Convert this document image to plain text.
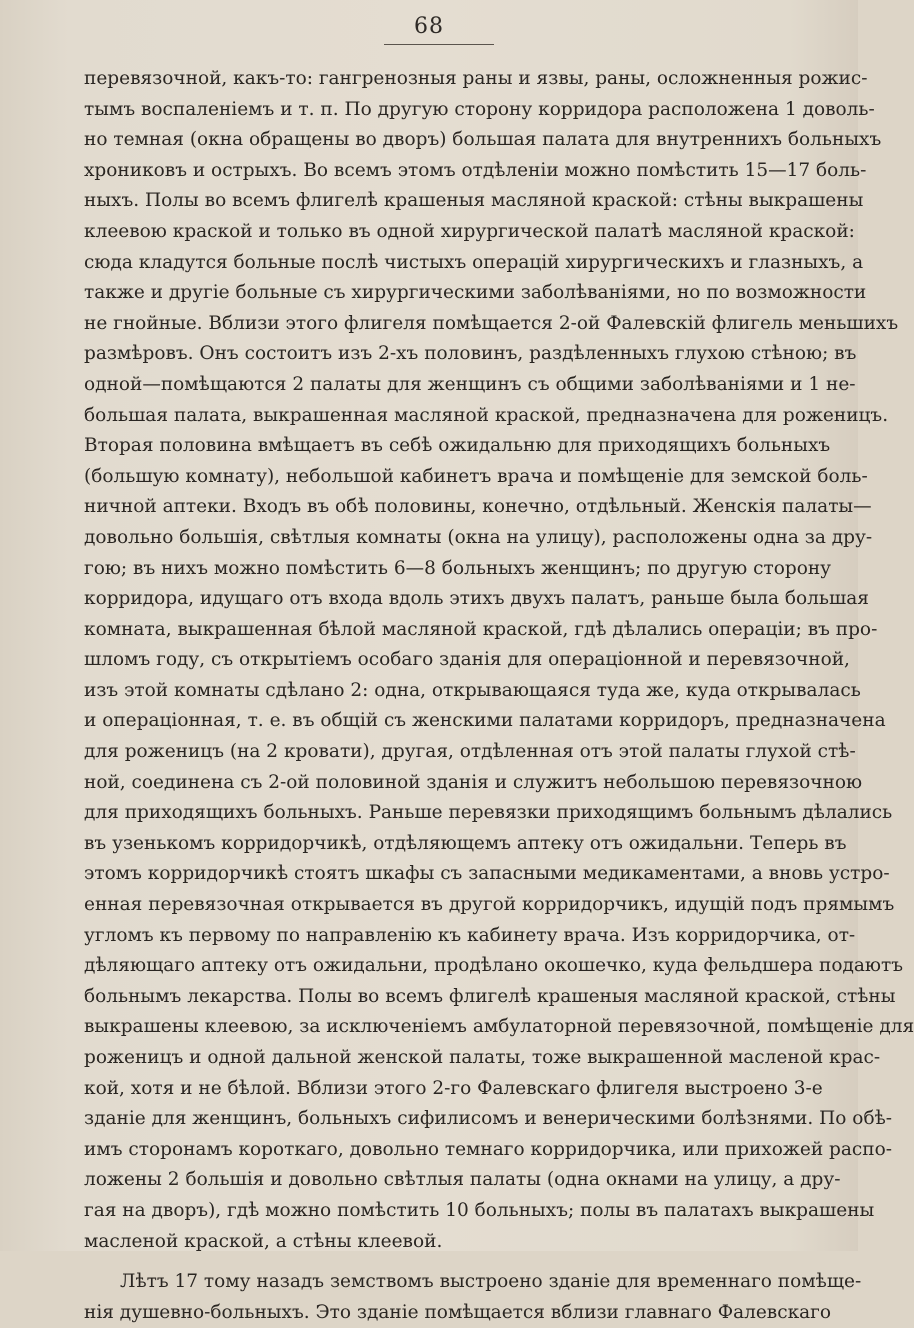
68
перевязочной, какъ-то: гангренозныя раны и язвы, раны, осложненныя рожис-
тымъ воспаленіемъ и т. п. По другую сторону корридора расположена 1 доволь-
но темная (окна обращены во дворъ) большая палата для внутреннихъ больныхъ
хрониковъ и острыхъ. Во всемъ этомъ отдѣленіи можно помѣстить 15—17 боль-
ныхъ. Полы во всемъ флигелѣ крашеныя масляной краской: стѣны выкрашены
клеевою краской и только въ одной хирургической палатѣ масляной краской:
сюда кладутся больные послѣ чистыхъ операцій хирургическихъ и глазныхъ, а
также и другіе больные съ хирургическими заболѣваніями, но по возможности
не гнойные. Вблизи этого флигеля помѣщается 2-ой Фалевскій флигель меньшихъ
размѣровъ. Онъ состоитъ изъ 2-хъ половинъ, раздѣленныхъ глухою стѣною; въ
одной—помѣщаются 2 палаты для женщинъ съ общими заболѣваніями и 1 не-
большая палата, выкрашенная масляной краской, предназначена для роженицъ.
Вторая половина вмѣщаетъ въ себѣ ожидальню для приходящихъ больныхъ
(большую комнату), небольшой кабинетъ врача и помѣщеніе для земской боль-
ничной аптеки. Входъ въ обѣ половины, конечно, отдѣльный. Женскія палаты—
довольно большія, свѣтлыя комнаты (окна на улицу), расположены одна за дру-
гою; въ нихъ можно помѣстить 6—8 больныхъ женщинъ; по другую сторону
корридора, идущаго отъ входа вдоль этихъ двухъ палатъ, раньше была большая
комната, выкрашенная бѣлой масляной краской, гдѣ дѣлались операціи; въ про-
шломъ году, съ открытіемъ особаго зданія для операціонной и перевязочной,
изъ этой комнаты сдѣлано 2: одна, открывающаяся туда же, куда открывалась
и операціонная, т. е. въ общій съ женскими палатами корридоръ, предназначена
для роженицъ (на 2 кровати), другая, отдѣленная отъ этой палаты глухой стѣ-
ной, соединена съ 2-ой половиной зданія и служитъ небольшою перевязочною
для приходящихъ больныхъ. Раньше перевязки приходящимъ больнымъ дѣлались
въ узенькомъ корридорчикѣ, отдѣляющемъ аптеку отъ ожидальни. Теперь въ
этомъ корридорчикѣ стоятъ шкафы съ запасными медикаментами, а вновь устро-
енная перевязочная открывается въ другой корридорчикъ, идущій подъ прямымъ
угломъ къ первому по направленію къ кабинету врача. Изъ корридорчика, от-
дѣляющаго аптеку отъ ожидальни, продѣлано окошечко, куда фельдшера подаютъ
больнымъ лекарства. Полы во всемъ флигелѣ крашеныя масляной краской, стѣны
выкрашены клеевою, за исключеніемъ амбулаторной перевязочной, помѣщеніе для
роженицъ и одной дальной женской палаты, тоже выкрашенной масленой крас-
кой, хотя и не бѣлой. Вблизи этого 2-го Фалевскаго флигеля выстроено 3-е
зданіе для женщинъ, больныхъ сифилисомъ и венерическими болѣзнями. По обѣ-
имъ сторонамъ короткаго, довольно темнаго корридорчика, или прихожей распо-
ложены 2 большія и довольно свѣтлыя палаты (одна окнами на улицу, а дру-
гая на дворъ), гдѣ можно помѣстить 10 больныхъ; полы въ палатахъ выкрашены
масленой краской, а стѣны клеевой.
Лѣтъ 17 тому назадъ земствомъ выстроено зданіе для временнаго помѣще-
нія душевно-больныхъ. Это зданіе помѣщается вблизи главнаго Фалевскаго
